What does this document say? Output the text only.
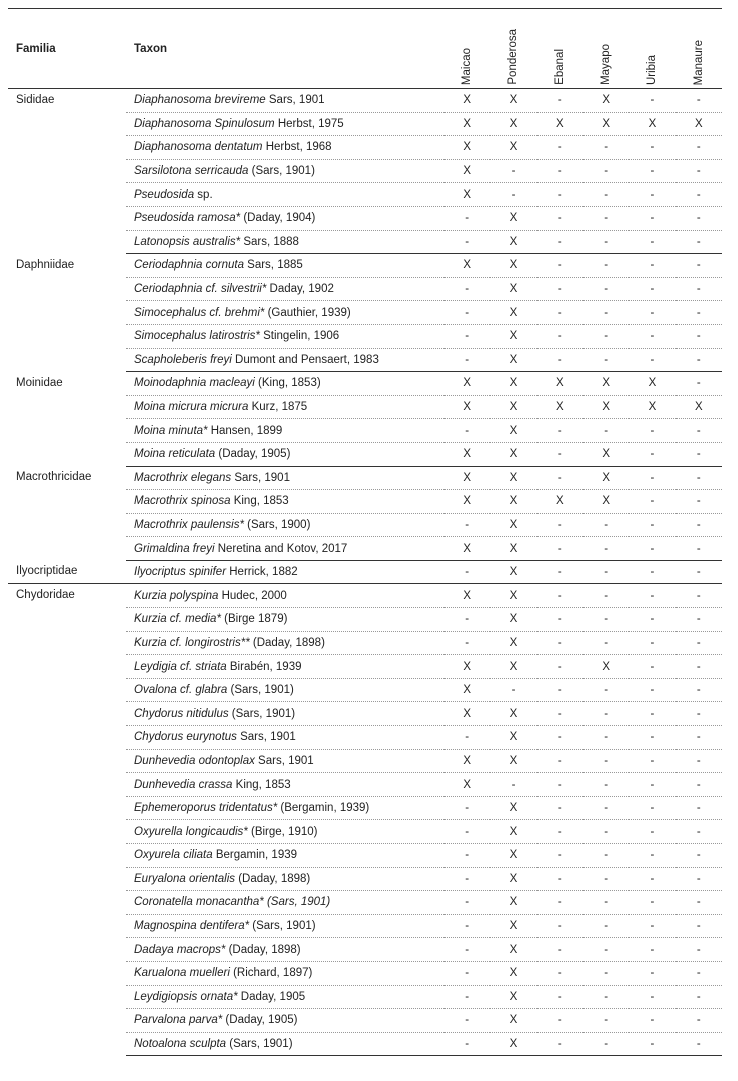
Familia	Taxon	Maicao	Ponderosa	Ebanal	Mayapo	Uribia	Manaure
Sididae	Diaphanosoma brevireme Sars, 1901	X	X	-	X	-	-
	Diaphanosoma Spinulosum Herbst, 1975	X	X	X	X	X	X
	Diaphanosoma dentatum Herbst, 1968	X	X	-	-	-	-
	Sarsilotona serricauda (Sars, 1901)	X	-	-	-	-	-
	Pseudosida sp.	X	-	-	-	-	-
	Pseudosida ramosa* (Daday, 1904)	-	X	-	-	-	-
	Latonopsis australis* Sars, 1888	-	X	-	-	-	-
Daphniidae	Ceriodaphnia cornuta Sars, 1885	X	X	-	-	-	-
	Ceriodaphnia cf. silvestrii* Daday, 1902	-	X	-	-	-	-
	Simocephalus cf. brehmi* (Gauthier, 1939)	-	X	-	-	-	-
	Simocephalus latirostris* Stingelin, 1906	-	X	-	-	-	-
	Scapholeberis freyi Dumont and Pensaert, 1983	-	X	-	-	-	-
Moinidae	Moinodaphnia macleayi (King, 1853)	X	X	X	X	X	-
	Moina micrura micrura Kurz, 1875	X	X	X	X	X	X
	Moina minuta* Hansen, 1899	-	X	-	-	-	-
	Moina reticulata (Daday, 1905)	X	X	-	X	-	-
Macrothricidae	Macrothrix elegans Sars, 1901	X	X	-	X	-	-
	Macrothrix spinosa King, 1853	X	X	X	X	-	-
	Macrothrix paulensis* (Sars, 1900)	-	X	-	-	-	-
	Grimaldina freyi Neretina and Kotov, 2017	X	X	-	-	-	-
Ilyocriptidae	Ilyocriptus spinifer Herrick, 1882	-	X	-	-	-	-
Chydoridae	Kurzia polyspina Hudec, 2000	X	X	-	-	-	-
	Kurzia cf. media* (Birge 1879)	-	X	-	-	-	-
	Kurzia cf. longirostris** (Daday, 1898)	-	X	-	-	-	-
	Leydigia cf. striata Birabén, 1939	X	X	-	X	-	-
	Ovalona cf. glabra (Sars, 1901)	X	-	-	-	-	-
	Chydorus nitidulus (Sars, 1901)	X	X	-	-	-	-
	Chydorus eurynotus Sars, 1901	-	X	-	-	-	-
	Dunhevedia odontoplax Sars, 1901	X	X	-	-	-	-
	Dunhevedia crassa King, 1853	X	-	-	-	-	-
	Ephemeroporus tridentatus* (Bergamin, 1939)	-	X	-	-	-	-
	Oxyurella longicaudis* (Birge, 1910)	-	X	-	-	-	-
	Oxyurela ciliata Bergamin, 1939	-	X	-	-	-	-
	Euryalona orientalis (Daday, 1898)	-	X	-	-	-	-
	Coronatella monacantha* (Sars, 1901)	-	X	-	-	-	-
	Magnospina dentifera* (Sars, 1901)	-	X	-	-	-	-
	Dadaya macrops* (Daday, 1898)	-	X	-	-	-	-
	Karualona muelleri (Richard, 1897)	-	X	-	-	-	-
	Leydigiopsis ornata* Daday, 1905	-	X	-	-	-	-
	Parvalona parva* (Daday, 1905)	-	X	-	-	-	-
	Notoalona sculpta (Sars, 1901)	-	X	-	-	-	-
